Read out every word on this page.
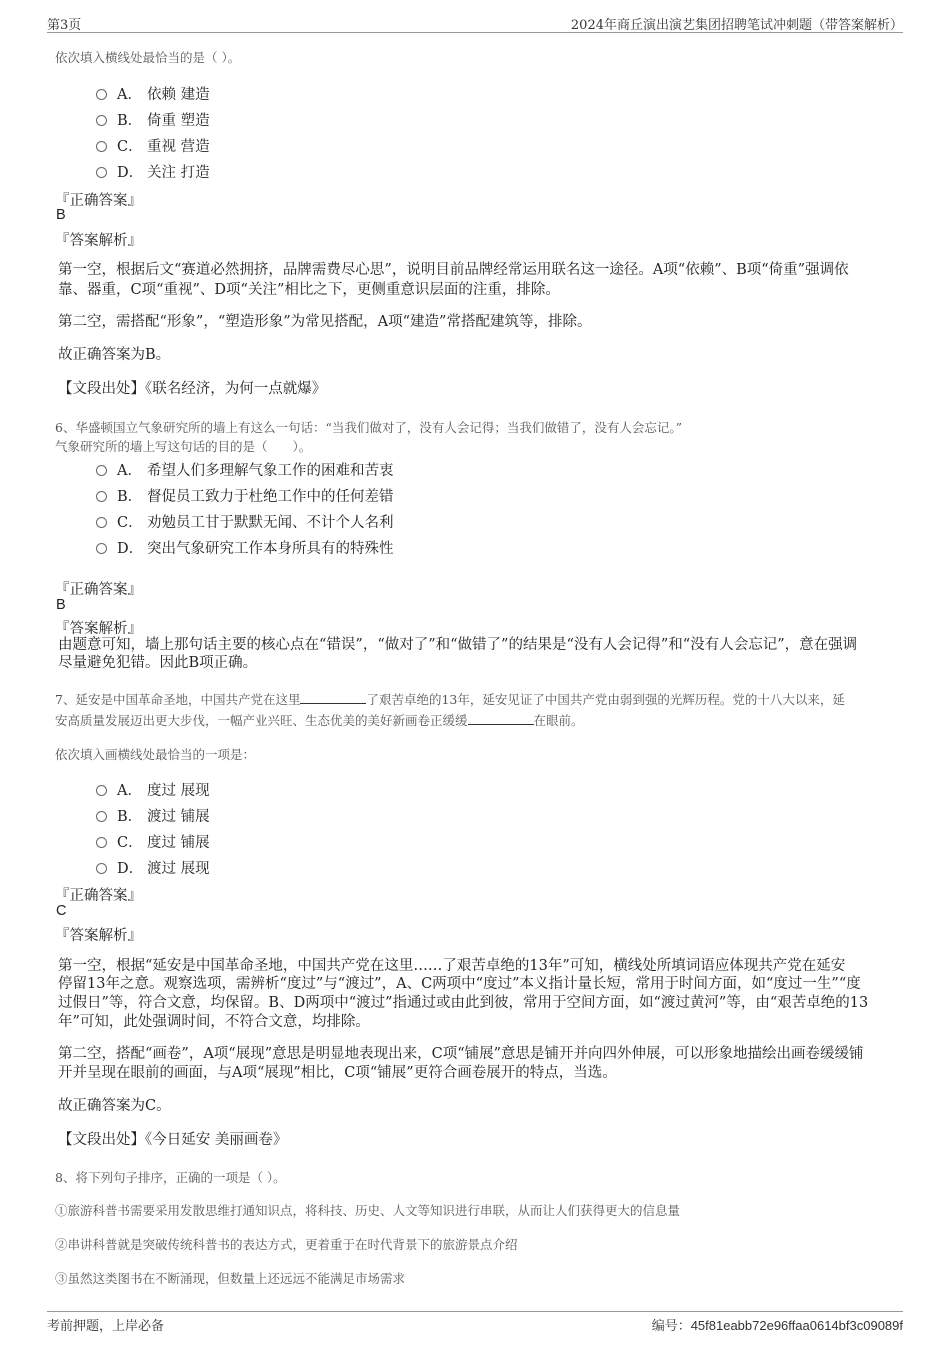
第3页	2024年商丘演出演艺集团招聘笔试冲刺题（带答案解析）
依次填入横线处最恰当的是（ ）。
A． 依赖 建造
B． 倚重 塑造
C． 重视 营造
D． 关注 打造
『正确答案』
B
『答案解析』
第一空，根据后文“赛道必然拥挤，品牌需费尽心思”，说明目前品牌经常运用联名这一途径。A项“依赖”、B项“倚重”强调依
靠、器重，C项“重视”、D项“关注”相比之下，更侧重意识层面的注重，排除。
第二空，需搭配“形象”，“塑造形象”为常见搭配，A项“建造”常搭配建筑等，排除。
故正确答案为B。
【文段出处】《联名经济，为何一点就爆》
6、华盛顿国立气象研究所的墙上有这么一句话：“当我们做对了，没有人会记得；当我们做错了，没有人会忘记。”
气象研究所的墙上写这句话的目的是（　　）。
A． 希望人们多理解气象工作的困难和苦衷
B． 督促员工致力于杜绝工作中的任何差错
C． 劝勉员工甘于默默无闻、不计个人名利
D． 突出气象研究工作本身所具有的特殊性
『正确答案』
B
『答案解析』
由题意可知，墙上那句话主要的核心点在“错误”，“做对了”和“做错了”的结果是“没有人会记得”和“没有人会忘记”，意在强调
尽量避免犯错。因此B项正确。
7、延安是中国革命圣地，中国共产党在这里	了艰苦卓绝的13年，延安见证了中国共产党由弱到强的光辉历程。党的十八大以来，延
安高质量发展迈出更大步伐，一幅产业兴旺、生态优美的美好新画卷正缓缓	在眼前。
依次填入画横线处最恰当的一项是：
A． 度过 展现
B． 渡过 铺展
C． 度过 铺展
D． 渡过 展现
『正确答案』
C
『答案解析』
第一空，根据“延安是中国革命圣地，中国共产党在这里……了艰苦卓绝的13年”可知，横线处所填词语应体现共产党在延安
停留13年之意。观察选项，需辨析“度过”与“渡过”，A、C两项中“度过”本义指计量长短，常用于时间方面，如“度过一生”“度
过假日”等，符合文意，均保留。B、D两项中“渡过”指通过或由此到彼，常用于空间方面，如“渡过黄河”等，由“艰苦卓绝的13
年”可知，此处强调时间，不符合文意，均排除。
第二空，搭配“画卷”，A项“展现”意思是明显地表现出来，C项“铺展”意思是铺开并向四外伸展，可以形象地描绘出画卷缓缓铺
开并呈现在眼前的画面，与A项“展现”相比，C项“铺展”更符合画卷展开的特点，当选。
故正确答案为C。
【文段出处】《今日延安 美丽画卷》
8、将下列句子排序，正确的一项是（ ）。
①旅游科普书需要采用发散思维打通知识点，将科技、历史、人文等知识进行串联，从而让人们获得更大的信息量
②串讲科普就是突破传统科普书的表达方式，更着重于在时代背景下的旅游景点介绍
③虽然这类图书在不断涌现，但数量上还远远不能满足市场需求
考前押题，上岸必备	编号：45f81eabb72e96ffaa0614bf3c09089f
